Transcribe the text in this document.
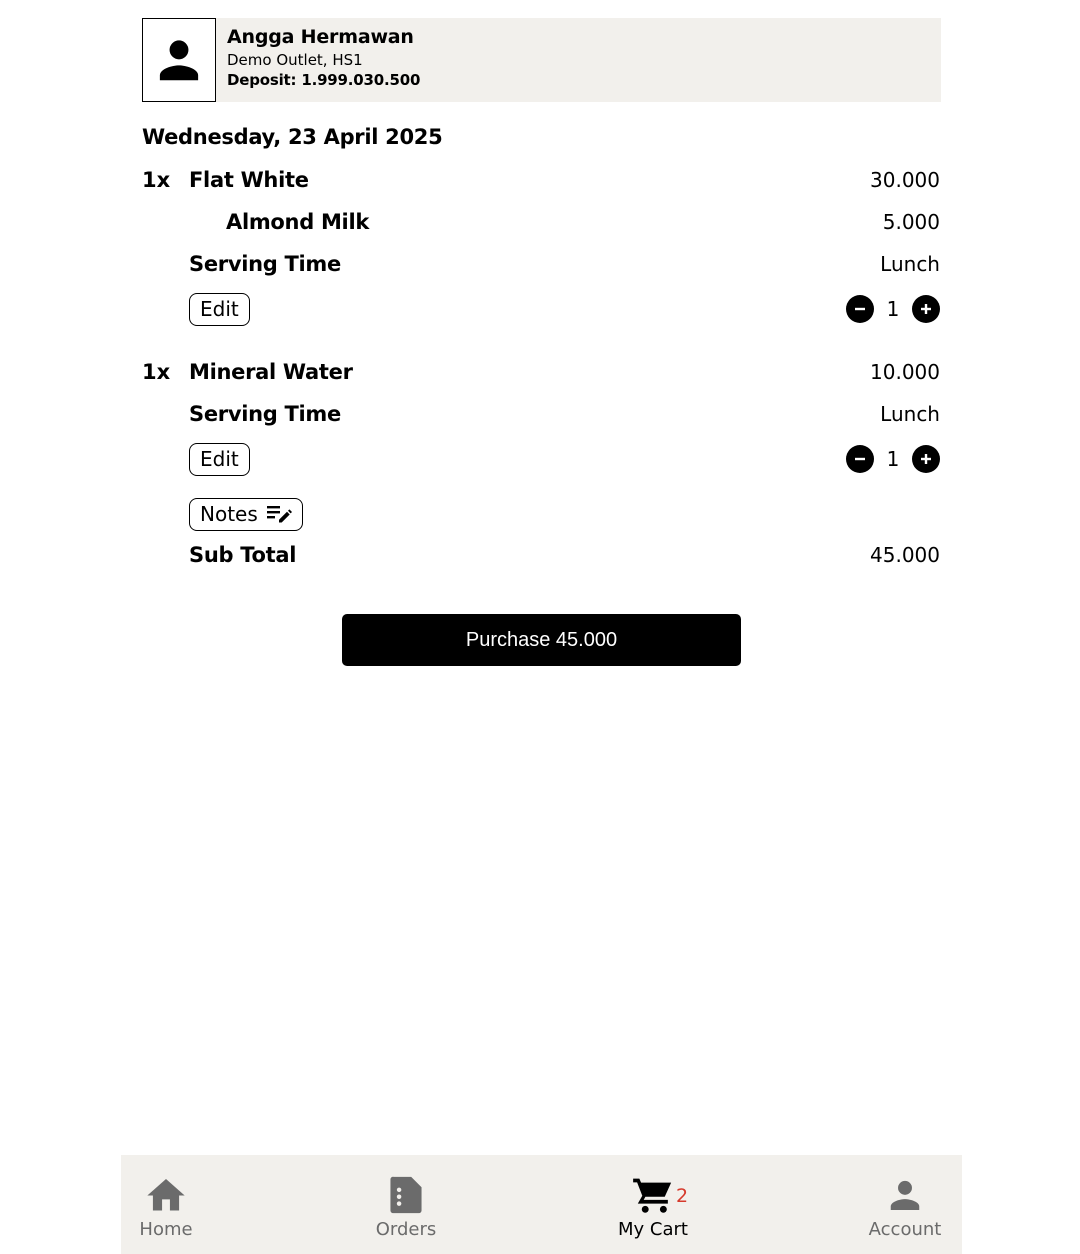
Angga Hermawan
Demo Outlet, HS1
Deposit: 1.999.030.500
Wednesday, 23 April 2025
1x Flat White	30.000
Almond Milk	5.000
Serving Time	Lunch
Edit	1
1x Mineral Water	10.000
Serving Time	Lunch
Edit	1
Notes
Sub Total	45.000
Purchase 45.000
Home	Orders
2
My Cart	Account
